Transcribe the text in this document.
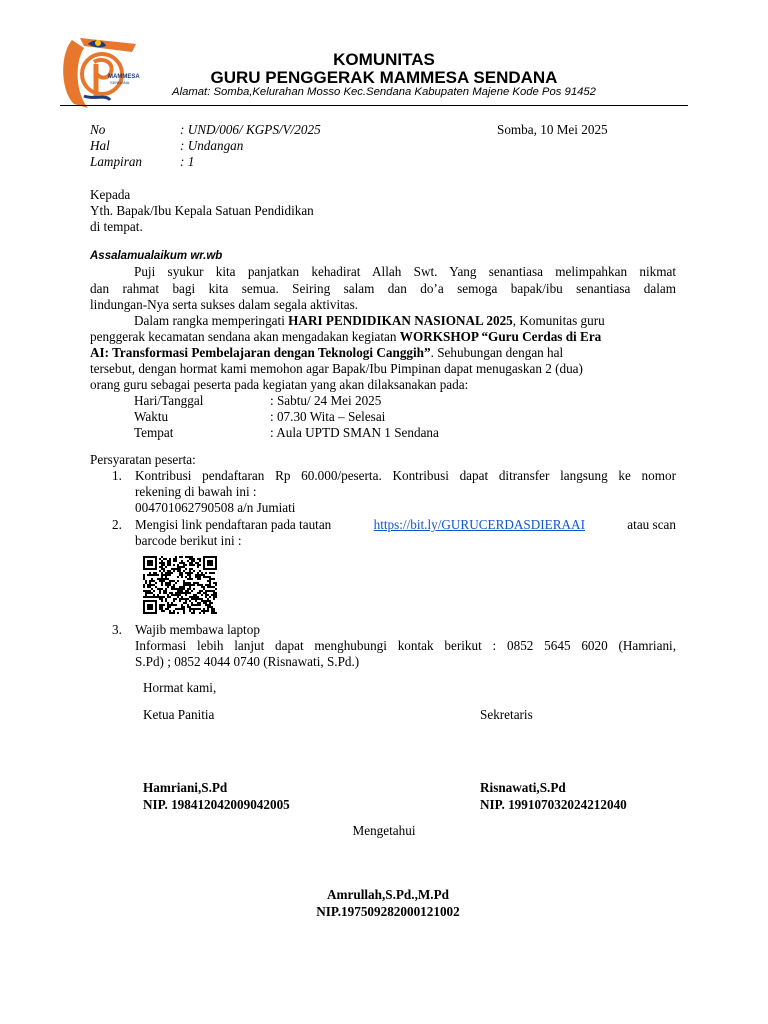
MAMMESA
SENDANA
KOMUNITAS
GURU PENGGERAK MAMMESA SENDANA
Alamat: Somba,Kelurahan Mosso Kec.Sendana Kabupaten Majene Kode Pos 91452
No	: UND/006/ KGPS/V/2025	Somba, 10 Mei 2025
Hal	: Undangan
Lampiran	: 1
Kepada
Yth. Bapak/Ibu Kepala Satuan Pendidikan
di tempat.
Assalamualaikum wr.wb
Puji syukur kita panjatkan kehadirat Allah Swt. Yang senantiasa melimpahkan nikmat
dan rahmat bagi kita semua. Seiring salam dan do’a semoga bapak/ibu senantiasa dalam
lindungan-Nya serta sukses dalam segala aktivitas.
Dalam rangka memperingati HARI PENDIDIKAN NASIONAL 2025, Komunitas guru
penggerak kecamatan sendana akan mengadakan kegiatan WORKSHOP “Guru Cerdas di Era
AI: Transformasi Pembelajaran dengan Teknologi Canggih”. Sehubungan dengan hal
tersebut, dengan hormat kami memohon agar Bapak/Ibu Pimpinan dapat menugaskan 2 (dua)
orang guru sebagai peserta pada kegiatan yang akan dilaksanakan pada:
Hari/Tanggal	: Sabtu/ 24 Mei 2025
Waktu	: 07.30 Wita – Selesai
Tempat	: Aula UPTD SMAN 1 Sendana
Persyaratan peserta:
1. Kontribusi pendaftaran Rp 60.000/peserta. Kontribusi dapat ditransfer langsung ke nomor
rekening di bawah ini :
004701062790508 a/n Jumiati
2. Mengisi link pendaftaran pada tautan	https://bit.ly/GURUCERDASDIERAAI	atau scan
barcode berikut ini :
3. Wajib membawa laptop
Informasi lebih lanjut dapat menghubungi kontak berikut : 0852 5645 6020 (Hamriani,
S.Pd) ; 0852 4044 0740 (Risnawati, S.Pd.)
Hormat kami,
Ketua Panitia	Sekretaris
Hamriani,S.Pd
NIP. 198412042009042005
Risnawati,S.Pd
NIP. 199107032024212040
Mengetahui
Amrullah,S.Pd.,M.Pd
NIP.197509282000121002
